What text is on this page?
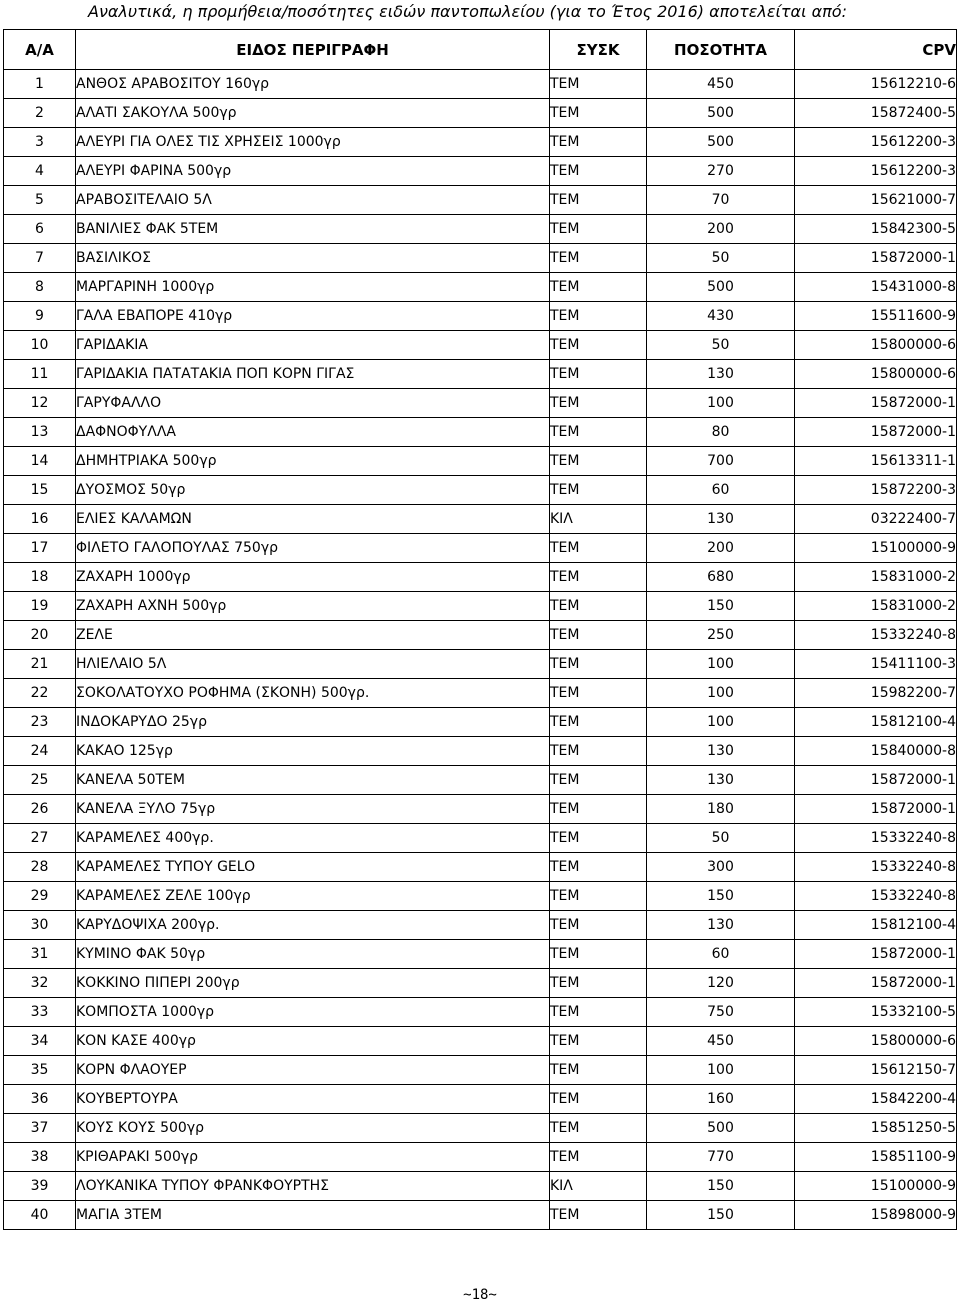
Αναλυτικά, η προμήθεια/ποσότητες ειδών παντοπωλείου (για το Έτος 2016) αποτελείται από:
Α/Α	ΕΙΔΟΣ ΠΕΡΙΓΡΑΦΗ	ΣΥΣΚ	ΠΟΣΟΤΗΤΑ	CPV
1	ΑΝΘΟΣ ΑΡΑΒΟΣΙΤΟΥ 160γρ	ΤΕΜ	450	15612210-6
2	ΑΛΑΤΙ ΣΑΚΟΥΛΑ 500γρ	ΤΕΜ	500	15872400-5
3	ΑΛΕΥΡΙ ΓΙΑ ΟΛΕΣ ΤΙΣ ΧΡΗΣΕΙΣ 1000γρ	ΤΕΜ	500	15612200-3
4	ΑΛΕΥΡΙ ΦΑΡΙΝΑ 500γρ	ΤΕΜ	270	15612200-3
5	ΑΡΑΒΟΣΙΤΕΛΑΙΟ 5Λ	ΤΕΜ	70	15621000-7
6	ΒΑΝΙΛΙΕΣ ΦΑΚ 5ΤΕΜ	ΤΕΜ	200	15842300-5
7	ΒΑΣΙΛΙΚΟΣ	ΤΕΜ	50	15872000-1
8	ΜΑΡΓΑΡΙΝΗ 1000γρ	ΤΕΜ	500	15431000-8
9	ΓΑΛΑ ΕΒΑΠΟΡΕ 410γρ	ΤΕΜ	430	15511600-9
10	ΓΑΡΙΔΑΚΙΑ	ΤΕΜ	50	15800000-6
11	ΓΑΡΙΔΑΚΙΑ ΠΑΤΑΤΑΚΙΑ ΠΟΠ ΚΟΡΝ ΓΙΓΑΣ	ΤΕΜ	130	15800000-6
12	ΓΑΡΥΦΑΛΛΟ	ΤΕΜ	100	15872000-1
13	ΔΑΦΝΟΦΥΛΛΑ	ΤΕΜ	80	15872000-1
14	ΔΗΜΗΤΡΙΑΚΑ 500γρ	ΤΕΜ	700	15613311-1
15	ΔΥΟΣΜΟΣ 50γρ	ΤΕΜ	60	15872200-3
16	ΕΛΙΕΣ ΚΑΛΑΜΩΝ	ΚΙΛ	130	03222400-7
17	ΦΙΛΕΤΟ ΓΑΛΟΠΟΥΛΑΣ 750γρ	ΤΕΜ	200	15100000-9
18	ΖΑΧΑΡΗ 1000γρ	ΤΕΜ	680	15831000-2
19	ΖΑΧΑΡΗ ΑΧΝΗ 500γρ	ΤΕΜ	150	15831000-2
20	ΖΕΛΕ	ΤΕΜ	250	15332240-8
21	ΗΛΙΕΛΑΙΟ 5Λ	ΤΕΜ	100	15411100-3
22	ΣΟΚΟΛΑΤΟΥΧΟ ΡΟΦΗΜΑ (ΣΚΟΝΗ) 500γρ.	ΤΕΜ	100	15982200-7
23	ΙΝΔΟΚΑΡΥΔΟ 25γρ	ΤΕΜ	100	15812100-4
24	ΚΑΚΑΟ 125γρ	ΤΕΜ	130	15840000-8
25	ΚΑΝΕΛΑ 50ΤΕΜ	ΤΕΜ	130	15872000-1
26	ΚΑΝΕΛΑ ΞΥΛΟ 75γρ	ΤΕΜ	180	15872000-1
27	ΚΑΡΑΜΕΛΕΣ 400γρ.	ΤΕΜ	50	15332240-8
28	ΚΑΡΑΜΕΛΕΣ ΤΥΠΟΥ GELO	ΤΕΜ	300	15332240-8
29	ΚΑΡΑΜΕΛΕΣ ΖΕΛΕ 100γρ	ΤΕΜ	150	15332240-8
30	ΚΑΡΥΔΟΨΙΧΑ 200γρ.	ΤΕΜ	130	15812100-4
31	ΚΥΜΙΝΟ ΦΑΚ 50γρ	ΤΕΜ	60	15872000-1
32	ΚΟΚΚΙΝΟ ΠΙΠΕΡΙ 200γρ	ΤΕΜ	120	15872000-1
33	ΚΟΜΠΟΣΤΑ 1000γρ	ΤΕΜ	750	15332100-5
34	ΚΟΝ ΚΑΣΕ 400γρ	ΤΕΜ	450	15800000-6
35	ΚΟΡΝ ΦΛΑΟΥΕΡ	ΤΕΜ	100	15612150-7
36	ΚΟΥΒΕΡΤΟΥΡΑ	ΤΕΜ	160	15842200-4
37	ΚΟΥΣ ΚΟΥΣ 500γρ	ΤΕΜ	500	15851250-5
38	ΚΡΙΘΑΡΑΚΙ 500γρ	ΤΕΜ	770	15851100-9
39	ΛΟΥΚΑΝΙΚΑ ΤΥΠΟΥ ΦΡΑΝΚΦΟΥΡΤΗΣ	ΚΙΛ	150	15100000-9
40	ΜΑΓΙΑ 3ΤΕΜ	ΤΕΜ	150	15898000-9
~18~
